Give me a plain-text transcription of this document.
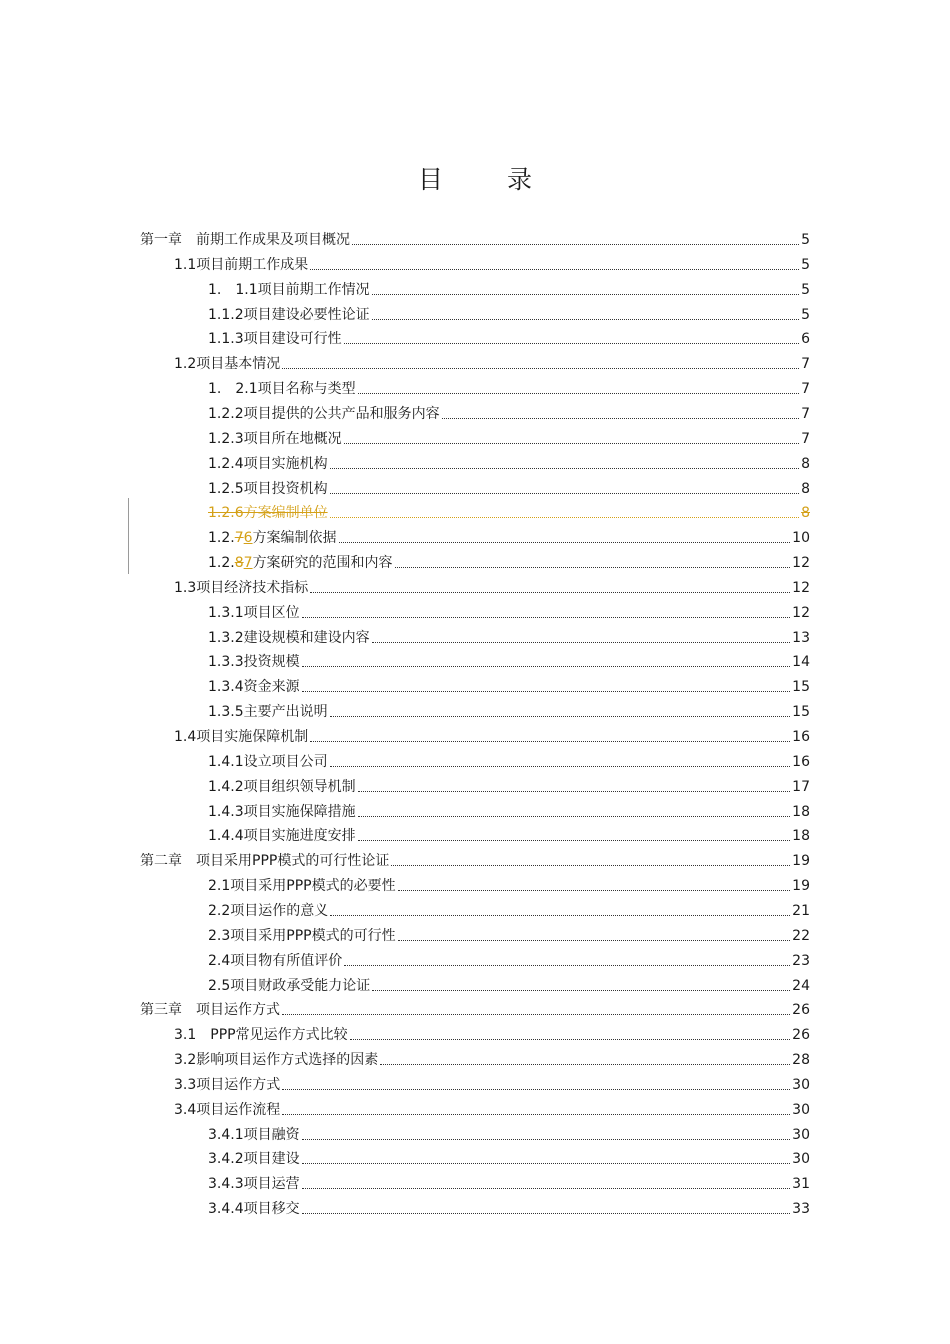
目 录
第一章　前期工作成果及项目概况	5
1.1项目前期工作成果	5
1.　1.1项目前期工作情况	5
1.1.2项目建设必要性论证	5
1.1.3项目建设可行性	6
1.2项目基本情况	7
1.　2.1项目名称与类型	7
1.2.2项目提供的公共产品和服务内容	7
1.2.3项目所在地概况	7
1.2.4项目实施机构	8
1.2.5项目投资机构	8
1.2.6方案编制单位	8
1.2.76方案编制依据	10
1.2.87方案研究的范围和内容	12
1.3项目经济技术指标	12
1.3.1项目区位	12
1.3.2建设规模和建设内容	13
1.3.3投资规模	14
1.3.4资金来源	15
1.3.5主要产出说明	15
1.4项目实施保障机制	16
1.4.1设立项目公司	16
1.4.2项目组织领导机制	17
1.4.3项目实施保障措施	18
1.4.4项目实施进度安排	18
第二章　项目采用PPP模式的可行性论证	19
2.1项目采用PPP模式的必要性	19
2.2项目运作的意义	21
2.3项目采用PPP模式的可行性	22
2.4项目物有所值评价	23
2.5项目财政承受能力论证	24
第三章　项目运作方式	26
3.1　PPP常见运作方式比较	26
3.2影响项目运作方式选择的因素	28
3.3项目运作方式	30
3.4项目运作流程	30
3.4.1项目融资	30
3.4.2项目建设	30
3.4.3项目运营	31
3.4.4项目移交	33
